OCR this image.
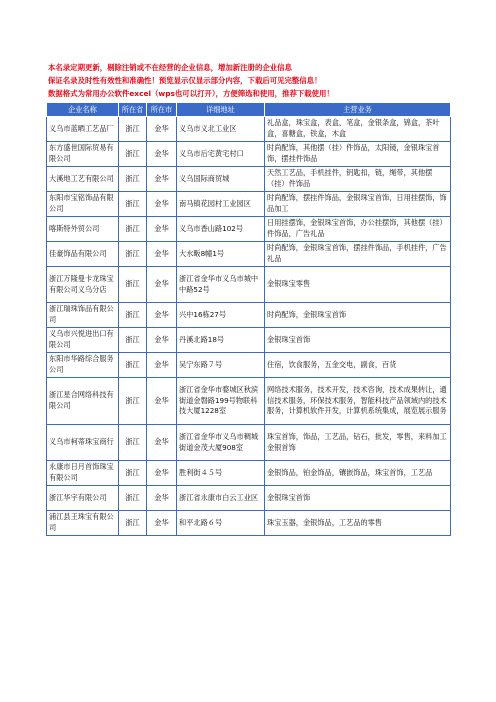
本名录定期更新，剔除注销或不在经营的企业信息，增加新注册的企业信息
保证名录及时性有效性和准确性！预览显示仅显示部分内容，下载后可见完整信息！
数据格式为常用办公软件excel（wps也可以打开），方便筛选和使用，推荐下载使用！
企业名称	所在省	所在市	详细地址	主营业务
义乌市蓝晒工艺品厂	浙江	金华	义乌市义北工业区	礼品盒，珠宝盒，表盒，笔盒，金银条盒，锦盒，茶叶盒，喜糖盒，铁盒，木盒
东方盛世国际贸易有限公司	浙江	金华	义乌市后宅黄宅村口	时尚配饰，其他摆（挂）件饰品，太阳镜，金银珠宝首饰，摆挂件饰品
大溪地工艺有限公司	浙江	金华	义乌国际商贸城	天然工艺品，手机挂件，钥匙扣，链，绳带，其他摆（挂）件饰品
东阳市宝铭饰品有限公司	浙江	金华	南马镇花园村工业园区	时尚配饰，摆挂件饰品，金银珠宝首饰，日用挂摆饰，饰品加工
喀斯特外贸公司	浙江	金华	义乌市香山路102号	日用挂摆饰，金银珠宝首饰，办公挂摆饰，其他摆（挂）件饰品，广告礼品
佳豪饰品有限公司	浙江	金华	大水畈8幢1号	时尚配饰，金银珠宝首饰，摆挂件饰品，手机挂件，广告礼品
浙江万隆曼卡龙珠宝有限公司义乌分店	浙江	金华	浙江省金华市义乌市城中中路52号	金银珠宝零售
浙江瑞珠饰品有限公司	浙江	金华	兴中16栋27号	时尚配饰，金银珠宝首饰
义乌市兴悦进出口有限公司	浙江	金华	丹溪北路18号	金银珠宝首饰
东阳市华路综合服务公司	浙江	金华	吴宁东路７号	住宿，饮食服务，五金交电，副食，百货
浙江星合网络科技有限公司	浙江	金华	浙江省金华市婺城区秋滨街道金磐路199号物联科技大厦1228室	网络技术服务，技术开发，技术咨询，技术成果转让，通信技术服务，环保技术服务，智能科技产品领域内的技术服务，计算机软件开发，计算机系统集成，展览展示服务
义乌市柯蒂珠宝商行	浙江	金华	浙江省金华市义乌市稠城街道金茂大厦908室	珠宝首饰，饰品，工艺品，钻石，批发，零售，来料加工金银首饰
永康市日月首饰珠宝有限公司	浙江	金华	胜利街４５号	金银饰品，铂金饰品，镶嵌饰品，珠宝首饰，工艺品
浙江华宇有限公司	浙江	金华	浙江省永康市白云工业区	金银珠宝首饰
浦江县王珠宝有限公司	浙江	金华	和平北路６号	珠宝玉器，金银饰品，工艺品的零售
